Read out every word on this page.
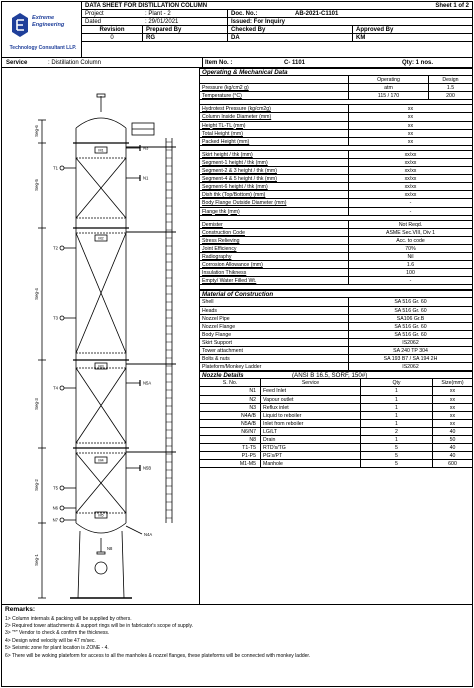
Extreme
Engineering
Technology Consultant LLP.
DATA SHEET FOR DISTILLATION COLUMN	Sheet 1 of 2
Project	: Plant - 2	Doc. No.:	AB-2021-C1101
Dated	: 29/01/2021	Issued: For Inquiry
Revision	Prepared By	Checked By	Approved By
0	RG	DA	KM
Service	: Distillation Column	Item No. :	C- 1101	Qty: 1 nos.
Seg-6
Seg-5
Seg-4
Seg-3
Seg-2
Seg-1
N3
N1
N5A
N5B
T1
T2
T3
T4
T5
N6
N7
M1
M2
M3
M4
M5
N8
N4A
Operating & Mechanical Data
Operating	Design
Pressure (kg/cm2 g)	atm	1.5
Temperature (°C)	115 / 170	200
Hydrotest Pressure (kg/cm2g)	xx
Column Inside Diameter (mm)	xx
Height TL-TL (mm)	xx
Total Height (mm)	xx
Packed Height (mm)	xx
Skirt height / thk (mm)	xx/xx
Segment-1 height / thk (mm)	xx/xx
Segment-2 & 3 height / thk (mm)	xx/xx
Segment-4 & 5 height / thk (mm)	xx/xx
Segment-6 height / thk (mm)	xx/xx
Dish thk (Top/Bottom) (mm)	xx/xx
Body Flange Outside Diameter (mm)	-
Flange thk (mm)	-
Demister	Not Reqd.
Construction Code	ASME Sec.VIII, Div 1
Stress Relieving	Acc. to code
Joint Efficiency	70%
Radiography	Nil
Corrosion Allowance (mm)	1.6
Insulation Thikness	100
Empty/ Water Filled Wt.	-
Material of Construction
Shell	SA 516 Gr. 60
Heads	SA 516 Gr. 60
Nozzel Pipe	SA106 Gr.B
Nozzel Flange	SA 516 Gr. 60
Body Flange	SA 516 Gr. 60
Skirt Support	IS2062
Tower attachment	SA 240 TP 304
Bolts & nuts	SA 193 B7 / SA 194 2H
Plateform/Monkey Ladder	IS2062
Nozzle Details	(ANSI B 16.5, SORF, 150#)
S. No.	Service	Qty	Size(mm)
N1	Feed Inlet	1	xx
N2	Vapour outlet	1	xx
N3	Reflux inlet	1	xx
N4A/B	Liquid to reboiler	1	xx
N5A/B	Inlet from reboiler	1	xx
N6/N7	LG/LT	2	40
N8	Drain	1	50
T1-T5	RTD's/TG	5	40
P1-P5	PG's/PT	5	40
M1-M5	Manhole	5	600
Remarks:
1> Column internals & packing will be supplied by others.
2> Required tower attachments & support rings will be in fabricator's scope of supply.
3> "*" Vendor to check & confirm the thickness.
4> Design wind velocity will be 47 m/sec.
5> Seismic zone for plant location is ZONE - 4.
6> There will be woking plateform for access to all the manholes & nozzel flanges, these plateforms will be connected with monkey ladder.
